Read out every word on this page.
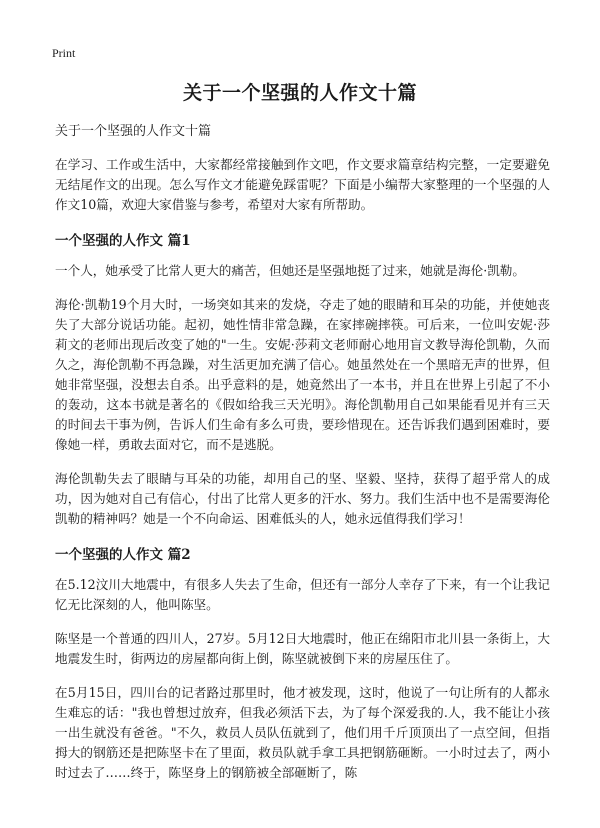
Print
关于一个坚强的人作文十篇

关于一个坚强的人作文十篇

在学习、工作或生活中，大家都经常接触到作文吧，作文要求篇章结构完整，一定要避免无结尾作文的出现。怎么写作文才能避免踩雷呢？下面是小编帮大家整理的一个坚强的人作文10篇，欢迎大家借鉴与参考，希望对大家有所帮助。

一个坚强的人作文 篇1

一个人，她承受了比常人更大的痛苦，但她还是坚强地挺了过来，她就是海伦·凯勒。

海伦·凯勒19个月大时，一场突如其来的发烧，夺走了她的眼睛和耳朵的功能，并使她丧失了大部分说话功能。起初，她性情非常急躁，在家摔碗摔筷。可后来，一位叫安妮·莎莉文的老师出现后改变了她的"一生。安妮·莎莉文老师耐心地用盲文教导海伦凯勒，久而久之，海伦凯勒不再急躁，对生活更加充满了信心。她虽然处在一个黑暗无声的世界，但她非常坚强，没想去自杀。出乎意料的是，她竟然出了一本书，并且在世界上引起了不小的轰动，这本书就是著名的《假如给我三天光明》。海伦凯勒用自己如果能看见并有三天的时间去干事为例，告诉人们生命有多么可贵，要珍惜现在。还告诉我们遇到困难时，要像她一样，勇敢去面对它，而不是逃脱。

海伦凯勒失去了眼睛与耳朵的功能，却用自己的坚、坚毅、坚持，获得了超乎常人的成功，因为她对自己有信心，付出了比常人更多的汗水、努力。我们生活中也不是需要海伦凯勒的精神吗？她是一个不向命运、困难低头的人，她永远值得我们学习！

一个坚强的人作文 篇2

在5.12汶川大地震中，有很多人失去了生命，但还有一部分人幸存了下来，有一个让我记忆无比深刻的人，他叫陈坚。

陈坚是一个普通的四川人，27岁。5月12日大地震时，他正在绵阳市北川县一条街上，大地震发生时，街两边的房屋都向街上倒，陈坚就被倒下来的房屋压住了。

在5月15日，四川台的记者路过那里时，他才被发现，这时，他说了一句让所有的人都永生难忘的话："我也曾想过放弃，但我必须活下去，为了每个深爱我的.人，我不能让小孩一出生就没有爸爸。"不久，救员人员队伍就到了，他们用千斤顶顶出了一点空间，但指拇大的钢筋还是把陈坚卡在了里面，救员队就手拿工具把钢筋砸断。一小时过去了，两小时过去了……终于，陈坚身上的钢筋被全部砸断了，陈
